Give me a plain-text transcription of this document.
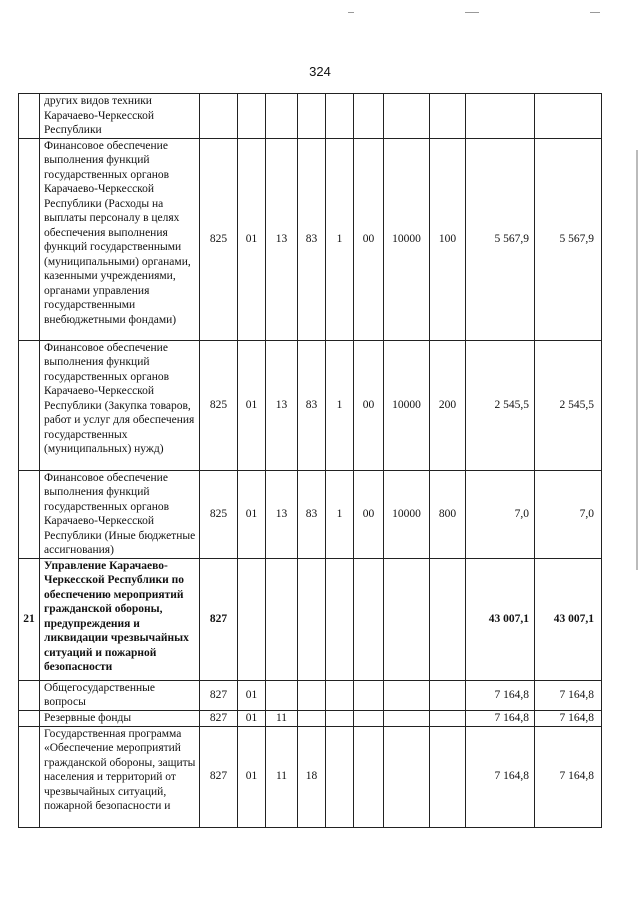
324
	других видов техники Карачаево-Черкесской Республики										
	Финансовое обеспечение выполнения функций государственных органов Карачаево-Черкесской Республики (Расходы на выплаты персоналу в целях обеспечения выполнения функций государственными (муниципальными) органами, казенными учреждениями, органами управления государственными внебюджетными фондами)	825	01	13	83	1	00	10000	100	5 567,9	5 567,9
	Финансовое обеспечение выполнения функций государственных органов Карачаево-Черкесской Республики (Закупка товаров, работ и услуг для обеспечения государственных (муниципальных) нужд)	825	01	13	83	1	00	10000	200	2 545,5	2 545,5
	Финансовое обеспечение выполнения функций государственных органов Карачаево-Черкесской Республики (Иные бюджетные ассигнования)	825	01	13	83	1	00	10000	800	7,0	7,0
21	Управление Карачаево-Черкесской Республики по обеспечению мероприятий гражданской обороны, предупреждения и ликвидации чрезвычайных ситуаций и пожарной безопасности	827								43 007,1	43 007,1
	Общегосударственные вопросы	827	01							7 164,8	7 164,8
	Резервные фонды	827	01	11						7 164,8	7 164,8
	Государственная программа «Обеспечение мероприятий гражданской обороны, защиты населения и территорий от чрезвычайных ситуаций, пожарной безопасности и	827	01	11	18					7 164,8	7 164,8
